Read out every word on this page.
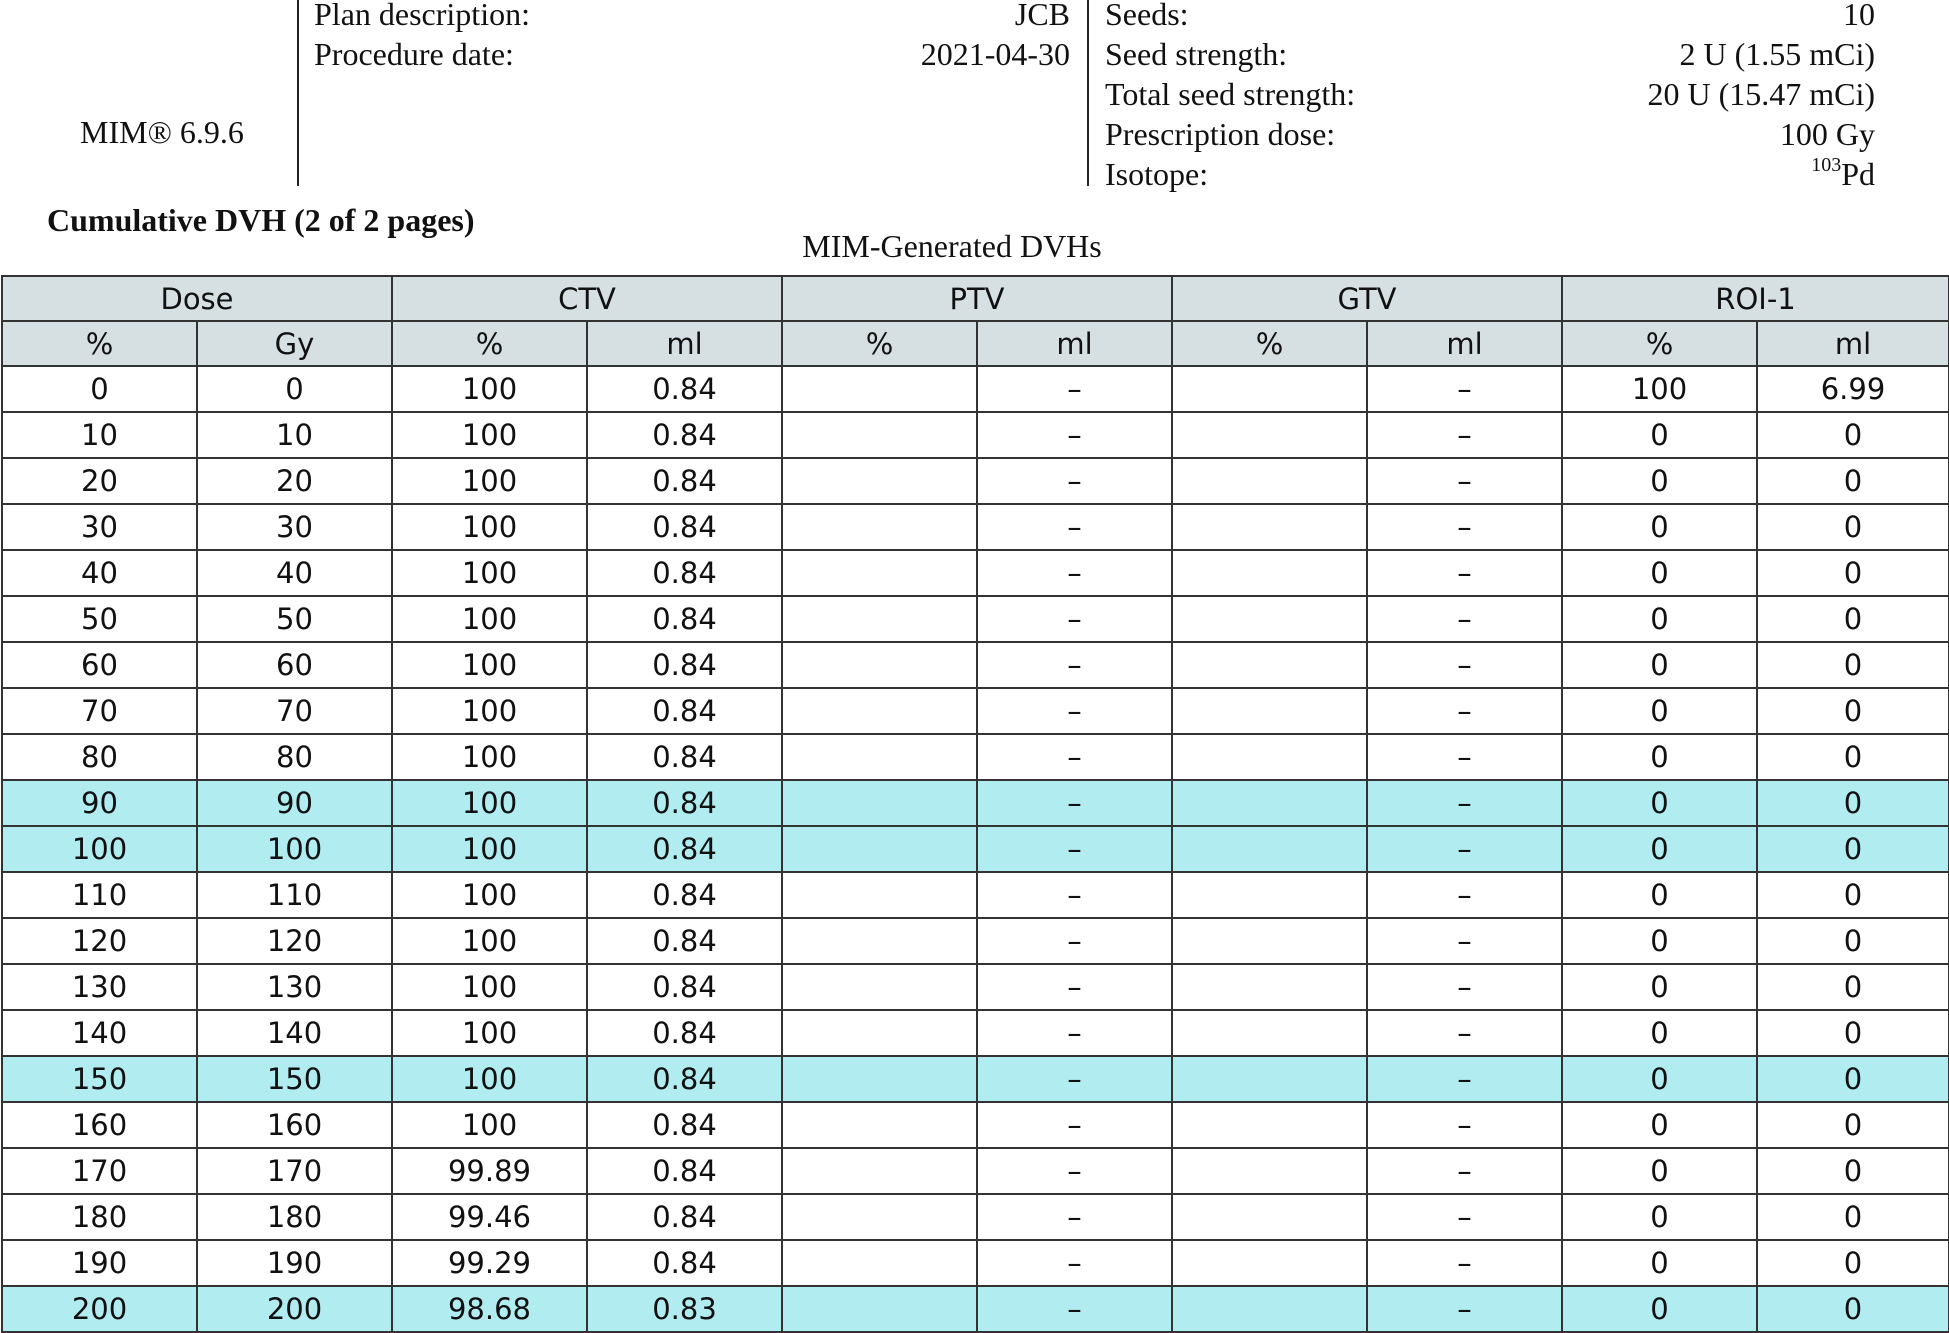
MIM® 6.9.6
Plan description:	JCB
Procedure date:	2021-04-30
Seeds:	10
Seed strength:	2 U (1.55 mCi)
Total seed strength:	20 U (15.47 mCi)
Prescription dose:	100 Gy
Isotope:	$^{103}$Pd
Cumulative DVH (2 of 2 pages)
MIM-Generated DVHs
Dose		CTV		PTV		GTV		ROI-1	
%	Gy	%	ml	%	ml	%	ml	%	ml
0	0	100	0.84		–		–	100	6.99
10	10	100	0.84		–		–	0	0
20	20	100	0.84		–		–	0	0
30	30	100	0.84		–		–	0	0
40	40	100	0.84		–		–	0	0
50	50	100	0.84		–		–	0	0
60	60	100	0.84		–		–	0	0
70	70	100	0.84		–		–	0	0
80	80	100	0.84		–		–	0	0
90	90	100	0.84		–		–	0	0
100	100	100	0.84		–		–	0	0
110	110	100	0.84		–		–	0	0
120	120	100	0.84		–		–	0	0
130	130	100	0.84		–		–	0	0
140	140	100	0.84		–		–	0	0
150	150	100	0.84		–		–	0	0
160	160	100	0.84		–		–	0	0
170	170	99.89	0.84		–		–	0	0
180	180	99.46	0.84		–		–	0	0
190	190	99.29	0.84		–		–	0	0
200	200	98.68	0.83		–		–	0	0
